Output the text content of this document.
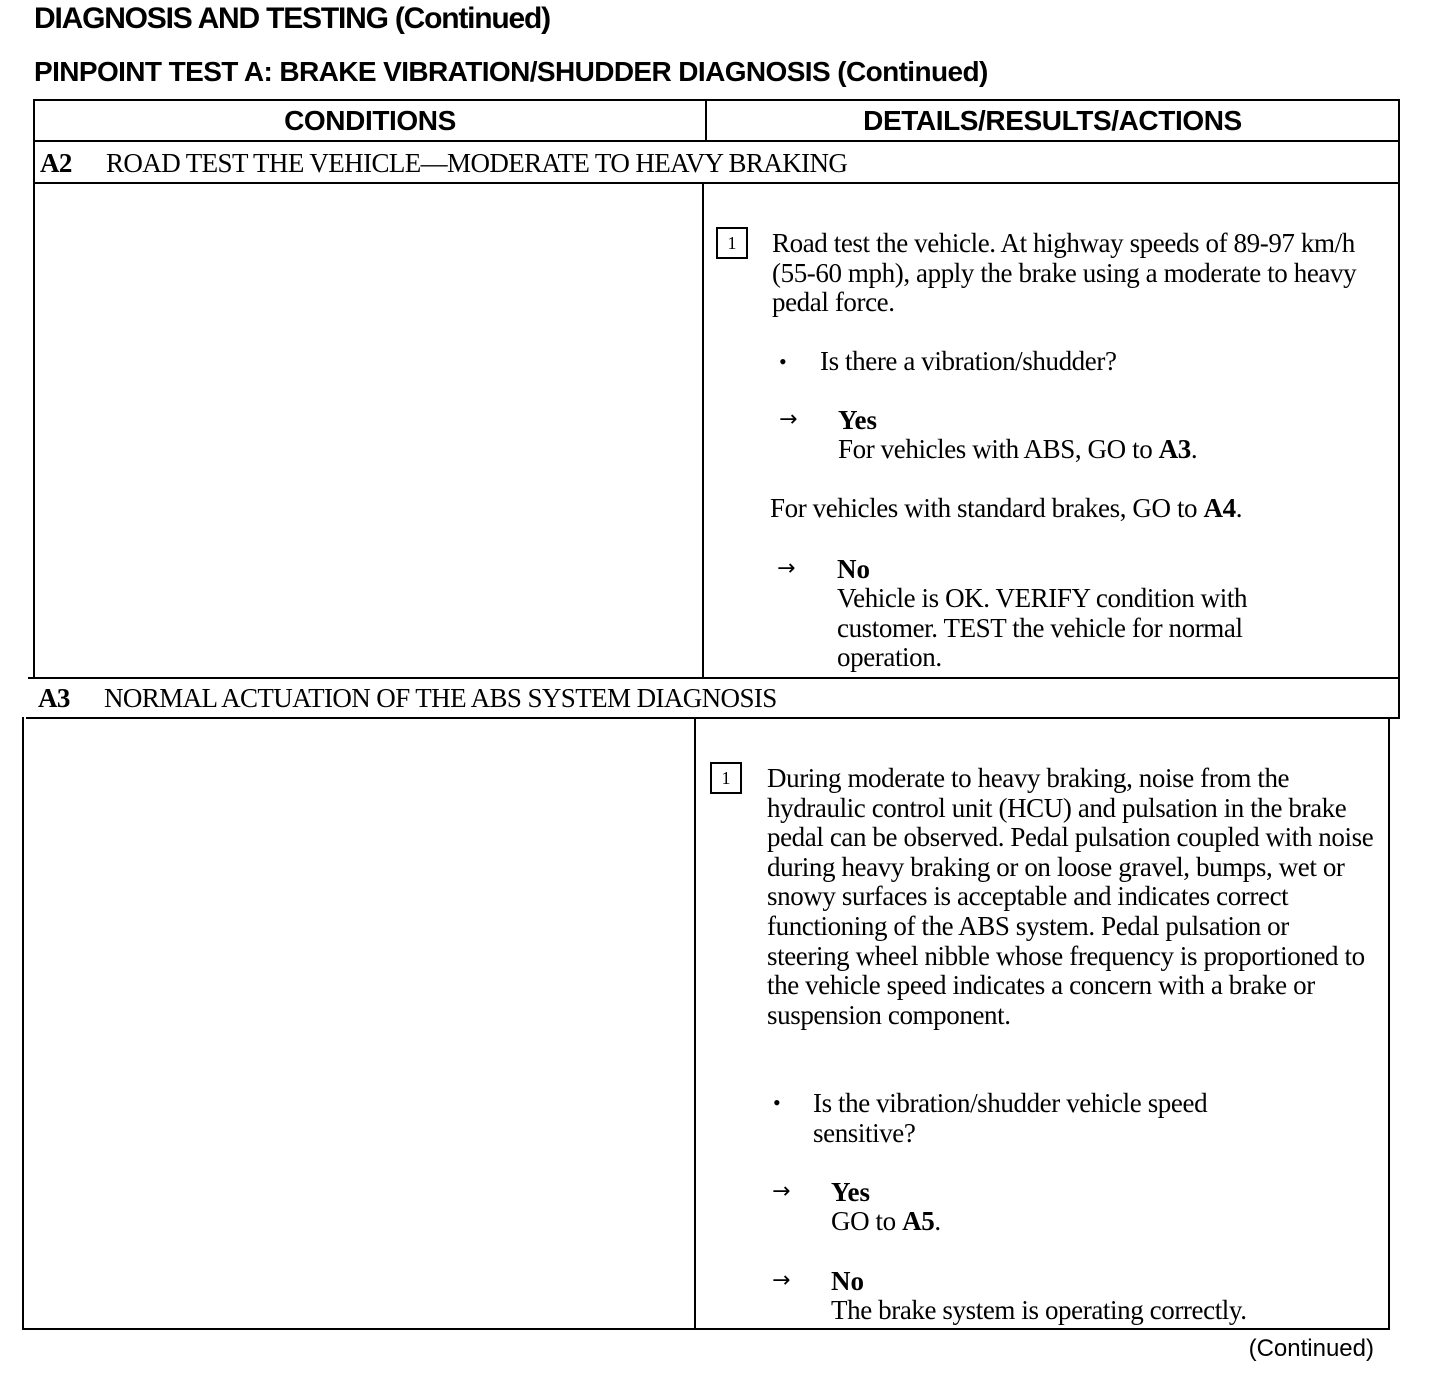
DIAGNOSIS AND TESTING (Continued)
PINPOINT TEST A: BRAKE VIBRATION/SHUDDER DIAGNOSIS (Continued)
CONDITIONS	DETAILS/RESULTS/ACTIONS
A2 ROAD TEST THE VEHICLE—MODERATE TO HEAVY BRAKING
1	Road test the vehicle. At highway speeds of 89-97 km/h (55-60 mph), apply the brake using a moderate to heavy pedal force.

• Is there a vibration/shudder?

→ Yes

For vehicles with ABS, GO to A3.

For vehicles with standard brakes, GO to A4.

→ No

Vehicle is OK. VERIFY condition with customer. TEST the vehicle for normal operation.

A3 NORMAL ACTUATION OF THE ABS SYSTEM DIAGNOSIS
1	During moderate to heavy braking, noise from the hydraulic control unit (HCU) and pulsation in the brake pedal can be observed. Pedal pulsation coupled with noise during heavy braking or on loose gravel, bumps, wet or snowy surfaces is acceptable and indicates correct functioning of the ABS system. Pedal pulsation or steering wheel nibble whose frequency is proportioned to the vehicle speed indicates a concern with a brake or suspension component.

• Is the vibration/shudder vehicle speed sensitive?

→ Yes

GO to A5.

→ No

The brake system is operating correctly.

(Continued)
